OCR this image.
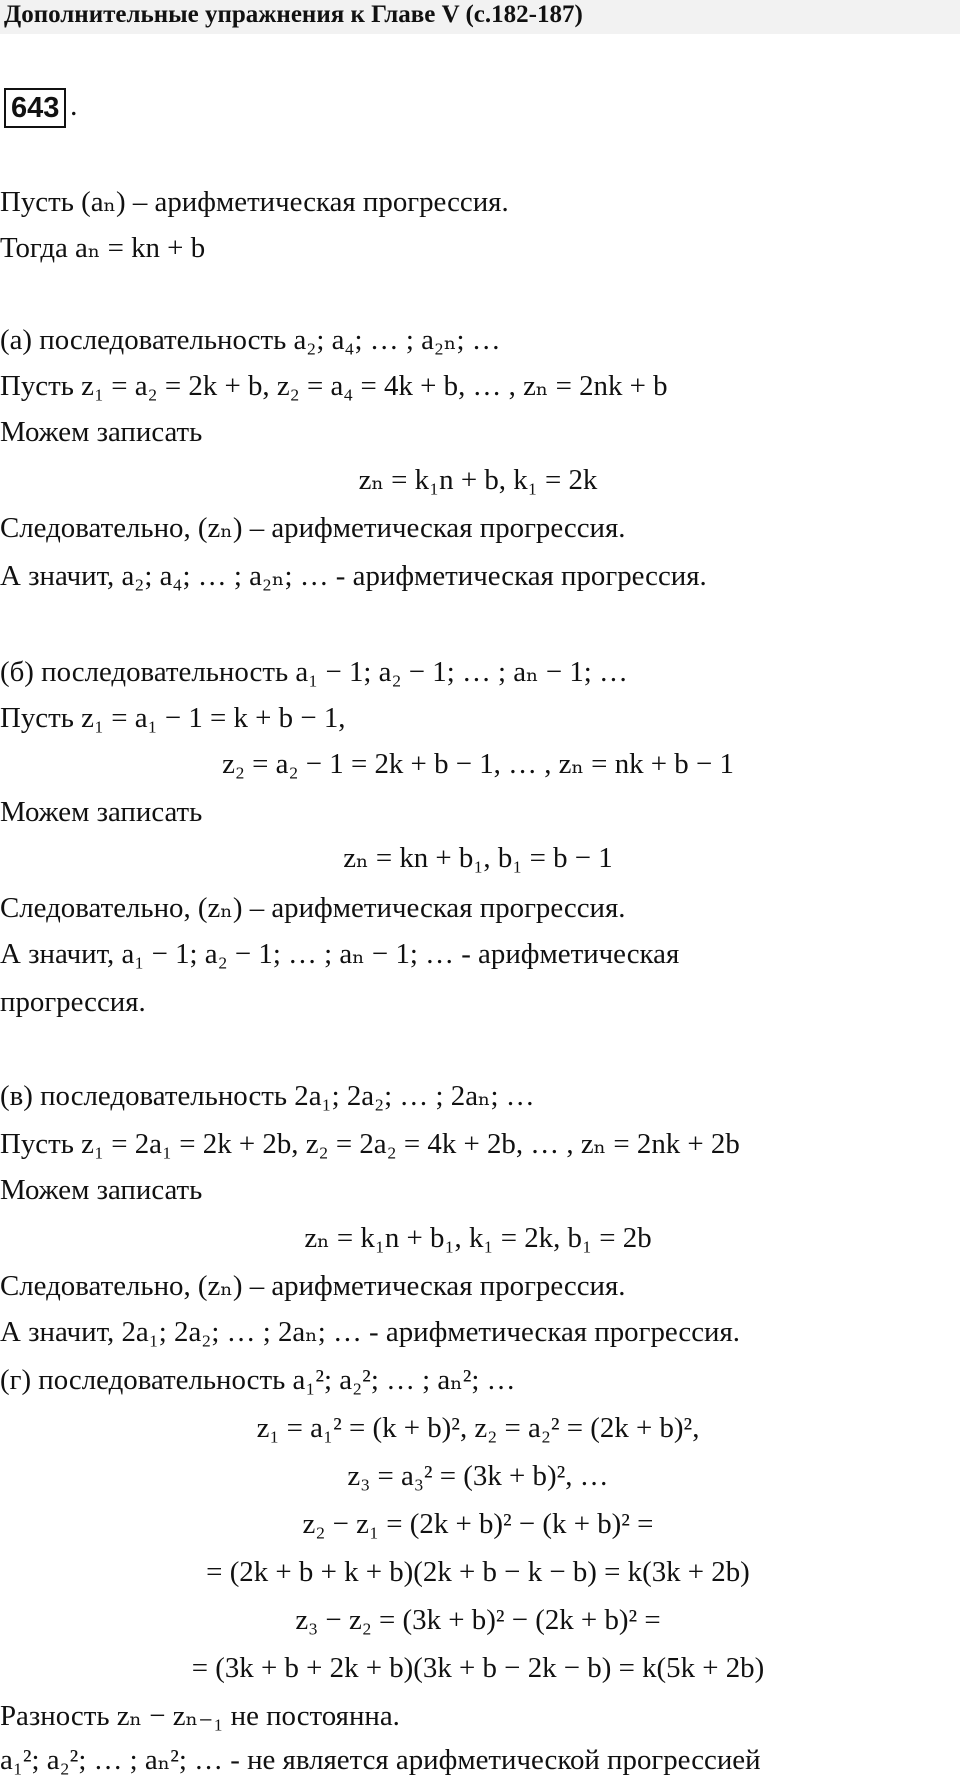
Дополнительные упражнения к Главе V (с.182-187)
643 .
Пусть (aₙ) – арифметическая прогрессия.
Тогда aₙ = kn + b
(а) последовательность a₂; a₄; … ; a₂ₙ; …
Пусть z₁ = a₂ = 2k + b, z₂ = a₄ = 4k + b, … , zₙ = 2nk + b
Можем записать
zₙ = k₁n + b, k₁ = 2k
Следовательно, (zₙ) – арифметическая прогрессия.
А значит, a₂; a₄; … ; a₂ₙ; … - арифметическая прогрессия.
(б) последовательность a₁ − 1; a₂ − 1; … ; aₙ − 1; …
Пусть z₁ = a₁ − 1 = k + b − 1,
z₂ = a₂ − 1 = 2k + b − 1, … , zₙ = nk + b − 1
Можем записать
zₙ = kn + b₁, b₁ = b − 1
Следовательно, (zₙ) – арифметическая прогрессия.
А значит, a₁ − 1; a₂ − 1; … ; aₙ − 1; … - арифметическая
прогрессия.
(в) последовательность 2a₁; 2a₂; … ; 2aₙ; …
Пусть z₁ = 2a₁ = 2k + 2b, z₂ = 2a₂ = 4k + 2b, … , zₙ = 2nk + 2b
Можем записать
zₙ = k₁n + b₁, k₁ = 2k, b₁ = 2b
Следовательно, (zₙ) – арифметическая прогрессия.
А значит, 2a₁; 2a₂; … ; 2aₙ; … - арифметическая прогрессия.
(г) последовательность a₁²; a₂²; … ; aₙ²; …
z₁ = a₁² = (k + b)², z₂ = a₂² = (2k + b)²,
z₃ = a₃² = (3k + b)², …
z₂ − z₁ = (2k + b)² − (k + b)² =
= (2k + b + k + b)(2k + b − k − b) = k(3k + 2b)
z₃ − z₂ = (3k + b)² − (2k + b)² =
= (3k + b + 2k + b)(3k + b − 2k − b) = k(5k + 2b)
Разность zₙ − zₙ₋₁ не постоянна.
a₁²; a₂²; … ; aₙ²; … - не является арифметической прогрессией
